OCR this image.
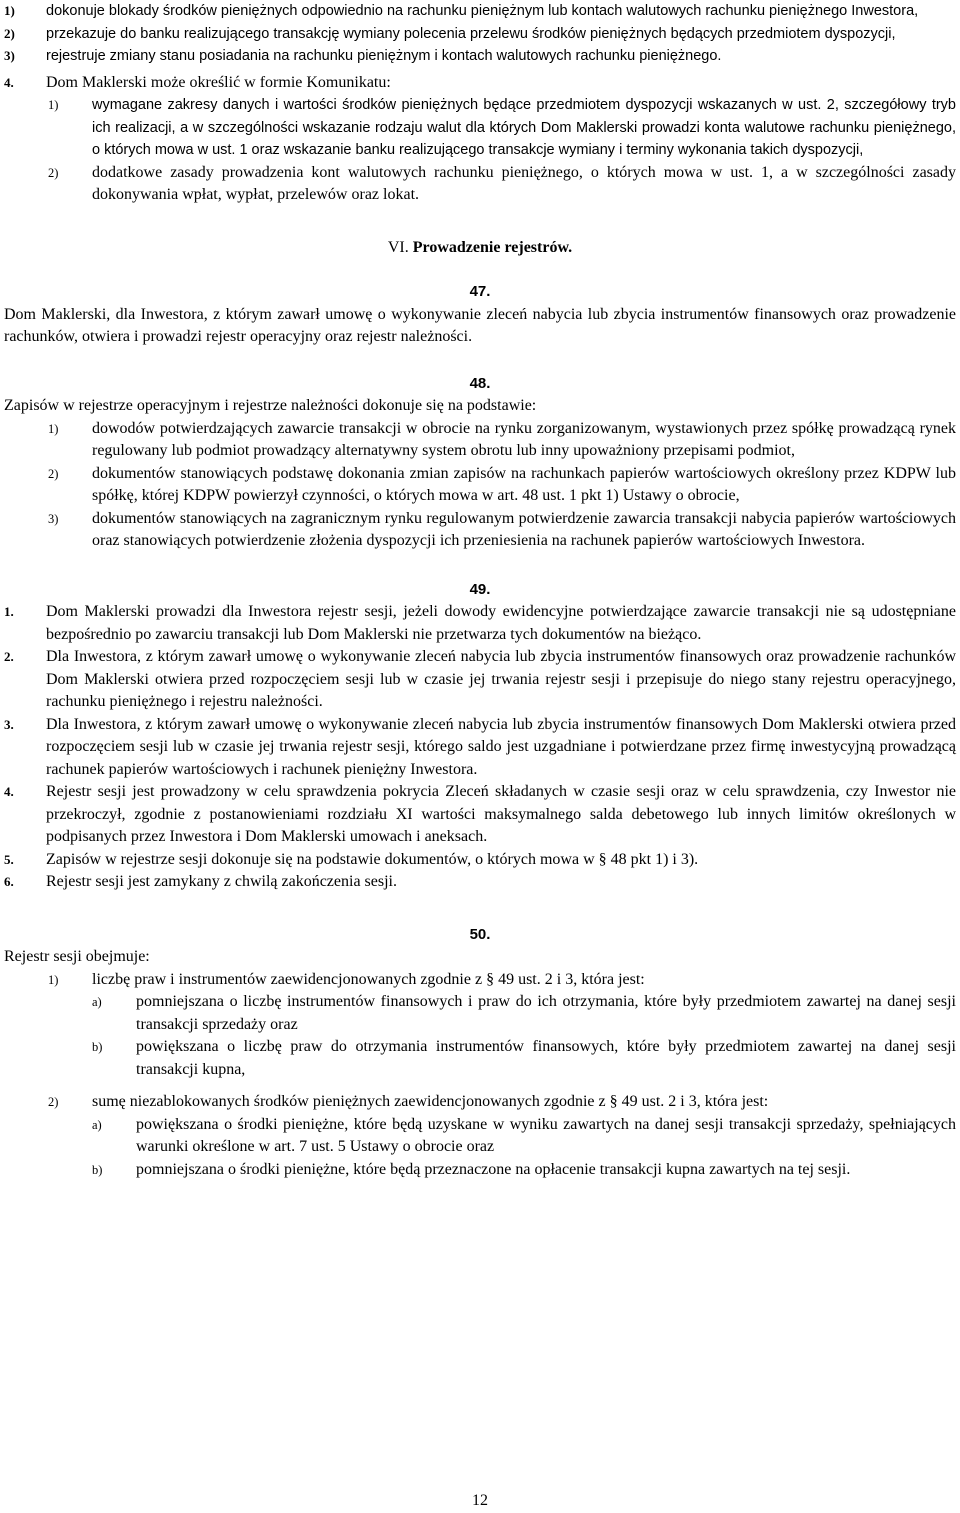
1)	dokonuje blokady środków pieniężnych odpowiednio na rachunku pieniężnym lub kontach walutowych rachunku pieniężnego Inwestora,
2)	przekazuje do banku realizującego transakcję wymiany polecenia przelewu środków pieniężnych będących przedmiotem dyspozycji,
3)	rejestruje zmiany stanu posiadania na rachunku pieniężnym i kontach walutowych rachunku pieniężnego.
4.	Dom Maklerski może określić w formie Komunikatu:
1)	wymagane zakresy danych i wartości środków pieniężnych będące przedmiotem dyspozycji wskazanych w ust. 2, szczegółowy tryb ich realizacji, a w szczególności wskazanie rodzaju walut dla których Dom Maklerski prowadzi konta walutowe rachunku pieniężnego, o których mowa w ust. 1 oraz wskazanie banku realizującego transakcje wymiany i terminy wykonania takich dyspozycji,
2)	dodatkowe zasady prowadzenia kont walutowych rachunku pieniężnego, o których mowa w ust. 1, a w szczególności zasady dokonywania wpłat, wypłat, przelewów oraz lokat.
VI. Prowadzenie rejestrów.
47.
Dom Maklerski, dla Inwestora, z którym zawarł umowę o wykonywanie zleceń nabycia lub zbycia instrumentów finansowych oraz prowadzenie rachunków, otwiera i prowadzi rejestr operacyjny oraz rejestr należności.
48.
Zapisów w rejestrze operacyjnym i rejestrze należności dokonuje się na podstawie:
1)	dowodów potwierdzających zawarcie transakcji w obrocie na rynku zorganizowanym, wystawionych przez spółkę prowadzącą rynek regulowany lub podmiot prowadzący alternatywny system obrotu lub inny upoważniony przepisami podmiot,
2)	dokumentów stanowiących podstawę dokonania zmian zapisów na rachunkach papierów wartościowych określony przez KDPW lub spółkę, której KDPW powierzył czynności, o których mowa w art. 48 ust. 1 pkt 1) Ustawy o obrocie,
3)	dokumentów stanowiących na zagranicznym rynku regulowanym potwierdzenie zawarcia transakcji nabycia papierów wartościowych oraz stanowiących potwierdzenie złożenia dyspozycji ich przeniesienia na rachunek papierów wartościowych Inwestora.
49.
1.	Dom Maklerski prowadzi dla Inwestora rejestr sesji, jeżeli dowody ewidencyjne potwierdzające zawarcie transakcji nie są udostępniane bezpośrednio po zawarciu transakcji lub Dom Maklerski nie przetwarza tych dokumentów na bieżąco.
2.	Dla Inwestora, z którym zawarł umowę o wykonywanie zleceń nabycia lub zbycia instrumentów finansowych oraz prowadzenie rachunków Dom Maklerski otwiera przed rozpoczęciem sesji lub w czasie jej trwania rejestr sesji i przepisuje do niego stany rejestru operacyjnego, rachunku pieniężnego i rejestru należności.
3.	Dla Inwestora, z którym zawarł umowę o wykonywanie zleceń nabycia lub zbycia instrumentów finansowych Dom Maklerski otwiera przed rozpoczęciem sesji lub w czasie jej trwania rejestr sesji, którego saldo jest uzgadniane i potwierdzane przez firmę inwestycyjną prowadzącą rachunek papierów wartościowych i rachunek pieniężny Inwestora.
4.	Rejestr sesji jest prowadzony w celu sprawdzenia pokrycia Zleceń składanych w czasie sesji oraz w celu sprawdzenia, czy Inwestor nie przekroczył, zgodnie z postanowieniami rozdziału XI wartości maksymalnego salda debetowego lub innych limitów określonych w podpisanych przez Inwestora i Dom Maklerski umowach i aneksach.
5.	Zapisów w rejestrze sesji dokonuje się na podstawie dokumentów, o których mowa w § 48 pkt 1) i 3).
6.	Rejestr sesji jest zamykany z chwilą zakończenia sesji.
50.
Rejestr sesji obejmuje:
1)	liczbę praw i instrumentów zaewidencjonowanych zgodnie z § 49 ust. 2 i 3, która jest:
a)	pomniejszana o liczbę instrumentów finansowych i praw do ich otrzymania, które były przedmiotem zawartej na danej sesji transakcji sprzedaży oraz
b)	powiększana o liczbę praw do otrzymania instrumentów finansowych, które były przedmiotem zawartej na danej sesji transakcji kupna,
2)	sumę niezablokowanych środków pieniężnych zaewidencjonowanych zgodnie z § 49 ust. 2 i 3, która jest:
a)	powiększana o środki pieniężne, które będą uzyskane w wyniku zawartych na danej sesji transakcji sprzedaży, spełniających warunki określone w art. 7 ust. 5 Ustawy o obrocie oraz
b)	pomniejszana o środki pieniężne, które będą przeznaczone na opłacenie transakcji kupna zawartych na tej sesji.
12
